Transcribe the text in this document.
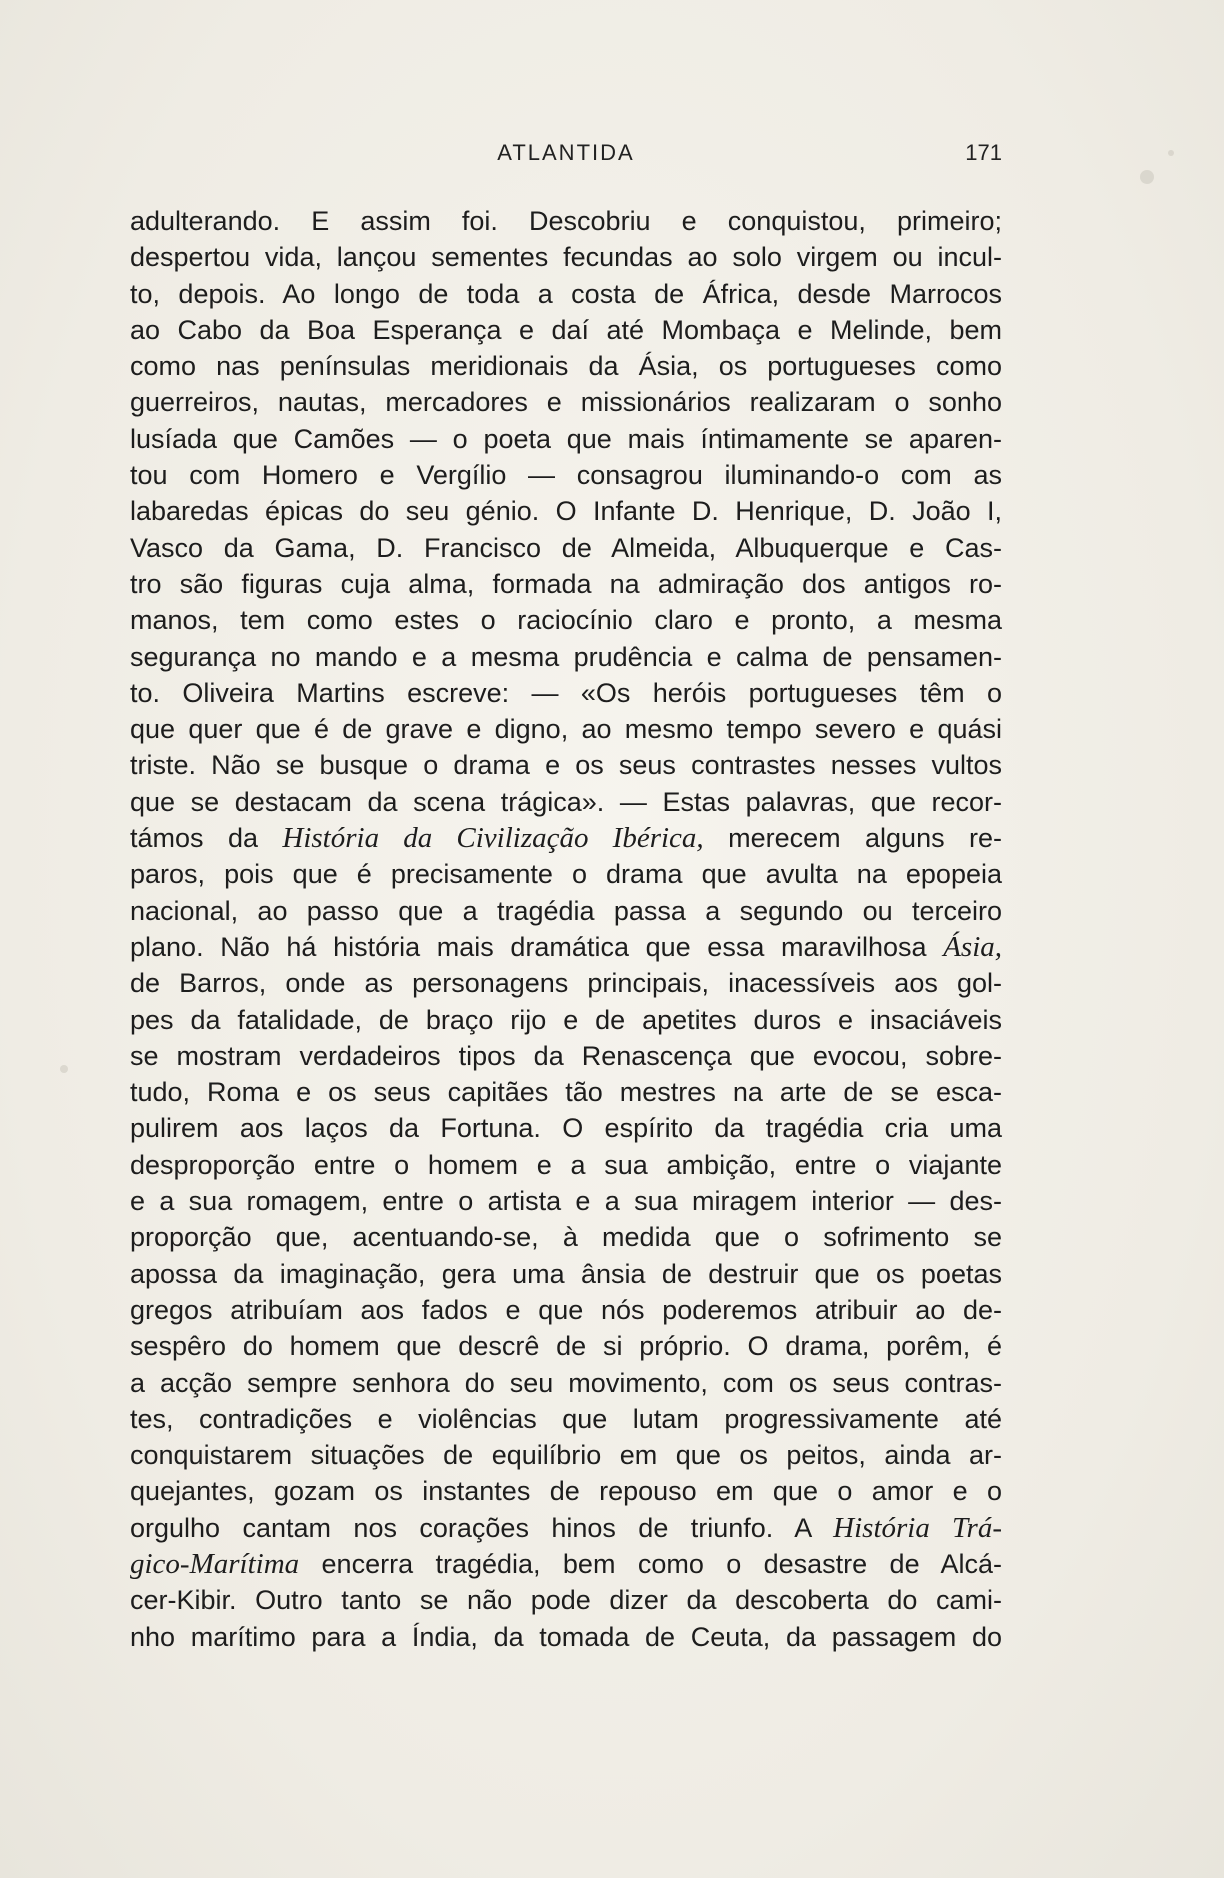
ATLANTIDA	171
adulterando. E assim foi. Descobriu e conquistou, primeiro;
despertou vida, lançou sementes fecundas ao solo virgem ou incul-
to, depois. Ao longo de toda a costa de África, desde Marrocos
ao Cabo da Boa Esperança e daí até Mombaça e Melinde, bem
como nas penínsulas meridionais da Ásia, os portugueses como
guerreiros, nautas, mercadores e missionários realizaram o sonho
lusíada que Camões — o poeta que mais íntimamente se aparen-
tou com Homero e Vergílio — consagrou iluminando-o com as
labaredas épicas do seu génio. O Infante D. Henrique, D. João I,
Vasco da Gama, D. Francisco de Almeida, Albuquerque e Cas-
tro são figuras cuja alma, formada na admiração dos antigos ro-
manos, tem como estes o raciocínio claro e pronto, a mesma
segurança no mando e a mesma prudência e calma de pensamen-
to. Oliveira Martins escreve: — «Os heróis portugueses têm o
que quer que é de grave e digno, ao mesmo tempo severo e quási
triste. Não se busque o drama e os seus contrastes nesses vultos
que se destacam da scena trágica». — Estas palavras, que recor-
támos da História da Civilização Ibérica, merecem alguns re-
paros, pois que é precisamente o drama que avulta na epopeia
nacional, ao passo que a tragédia passa a segundo ou terceiro
plano. Não há história mais dramática que essa maravilhosa Ásia,
de Barros, onde as personagens principais, inacessíveis aos gol-
pes da fatalidade, de braço rijo e de apetites duros e insaciáveis
se mostram verdadeiros tipos da Renascença que evocou, sobre-
tudo, Roma e os seus capitães tão mestres na arte de se esca-
pulirem aos laços da Fortuna. O espírito da tragédia cria uma
desproporção entre o homem e a sua ambição, entre o viajante
e a sua romagem, entre o artista e a sua miragem interior — des-
proporção que, acentuando-se, à medida que o sofrimento se
apossa da imaginação, gera uma ânsia de destruir que os poetas
gregos atribuíam aos fados e que nós poderemos atribuir ao de-
sespêro do homem que descrê de si próprio. O drama, porêm, é
a acção sempre senhora do seu movimento, com os seus contras-
tes, contradições e violências que lutam progressivamente até
conquistarem situações de equilíbrio em que os peitos, ainda ar-
quejantes, gozam os instantes de repouso em que o amor e o
orgulho cantam nos corações hinos de triunfo. A História Trá-
gico-Marítima encerra tragédia, bem como o desastre de Alcá-
cer-Kibir. Outro tanto se não pode dizer da descoberta do cami-
nho marítimo para a Índia, da tomada de Ceuta, da passagem do
